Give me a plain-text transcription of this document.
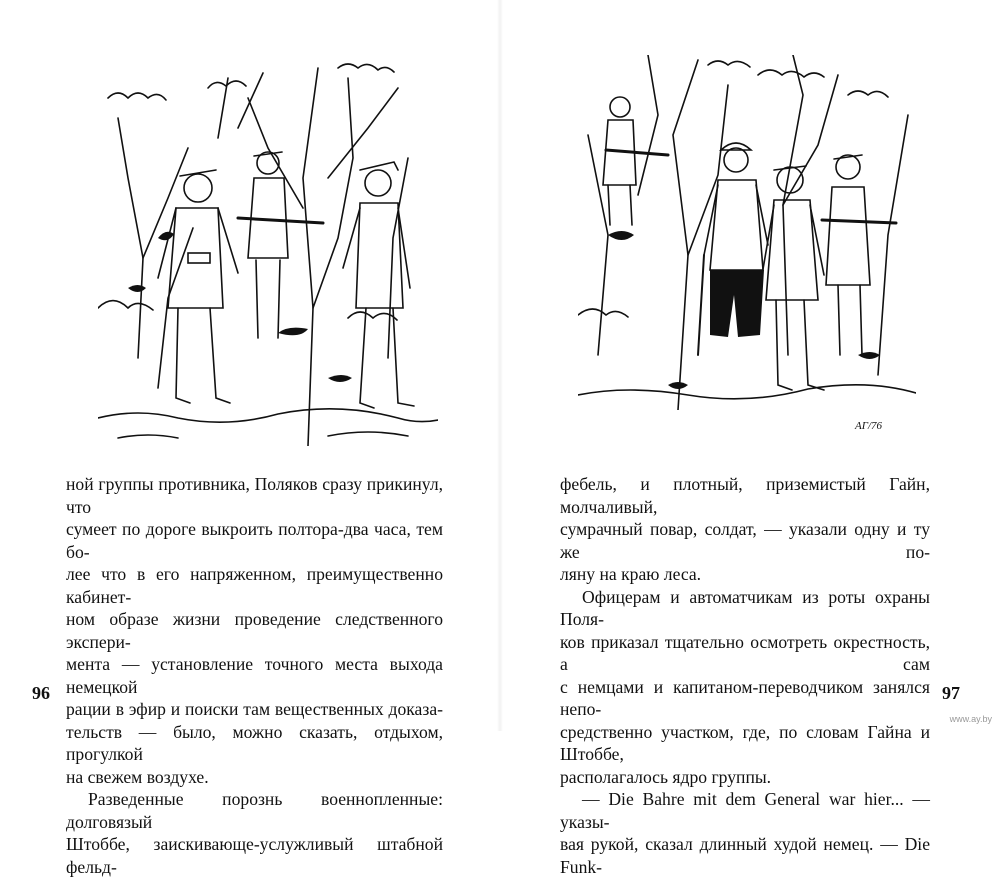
ной группы противника, Поляков сразу прикинул, что

сумеет по дороге выкроить полтора-два часа, тем бо-

лее что в его напряженном, преимущественно кабинет-

ном образе жизни проведение следственного экспери-

мента — установление точного места выхода немецкой

рации в эфир и поиски там вещественных доказа-

тельств — было, можно сказать, отдыхом, прогулкой

на свежем воздухе.

Разведенные порознь военнопленные: долговязый

Штоббе, заискивающе-услужливый штабной фельд-

96
АГ/76

фебель, и плотный, приземистый Гайн, молчаливый,

сумрачный повар, солдат, — указали одну и ту же по-

ляну на краю леса.

Офицерам и автоматчикам из роты охраны Поля-

ков приказал тщательно осмотреть окрестность, а сам

с немцами и капитаном-переводчиком занялся непо-

средственно участком, где, по словам Гайна и Штоббе,

располагалось ядро группы.

— Die Bahre mit dem General war hier... — указы-

вая рукой, сказал длинный худой немец. — Die Funk-

97
www.ay.by
